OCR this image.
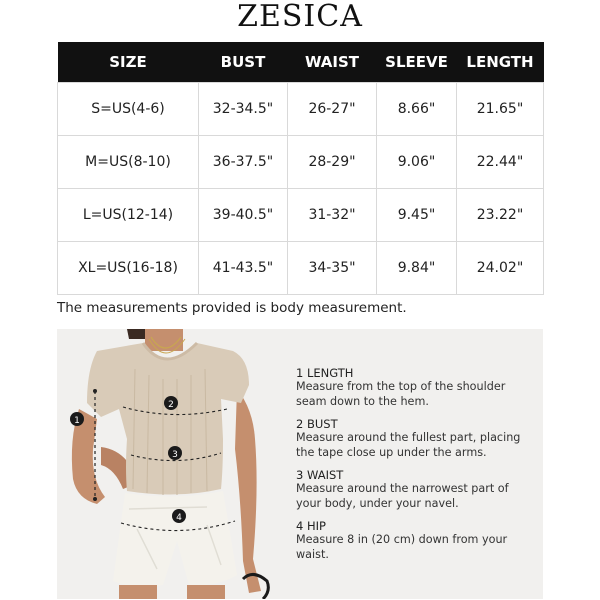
ZESICA
SIZE	BUST	WAIST	SLEEVE	LENGTH
S=US(4-6)	32-34.5"	26-27"	8.66"	21.65"
M=US(8-10)	36-37.5"	28-29"	9.06"	22.44"
L=US(12-14)	39-40.5"	31-32"	9.45"	23.22"
XL=US(16-18)	41-43.5"	34-35"	9.84"	24.02"
The measurements provided is body measurement.
1
2
3
4
1 LENGTH
Measure from the top of the shoulder
seam down to the hem.
2 BUST
Measure around the fullest part, placing
the tape close up under the arms.
3 WAIST
Measure around the narrowest part of
your body, under your navel.
4 HIP
Measure 8 in (20 cm) down from your waist.
